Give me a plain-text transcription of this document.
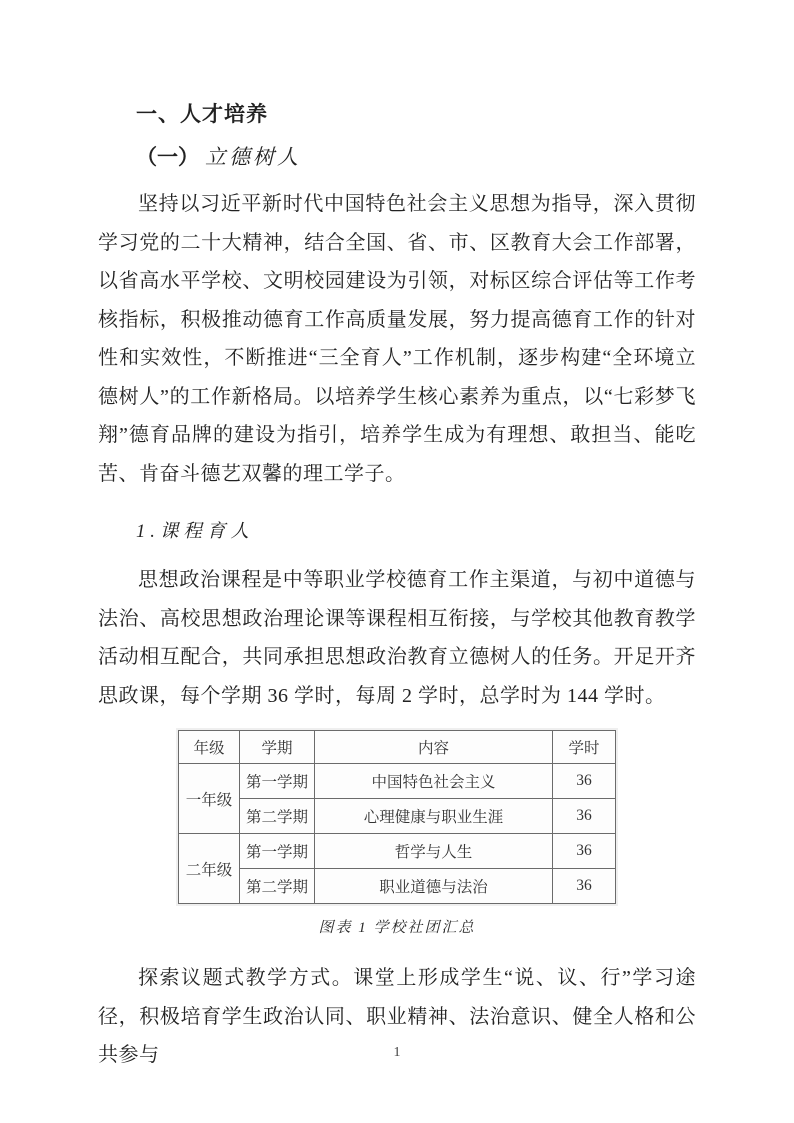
一、人才培养
（一） 立德树人

坚持以习近平新时代中国特色社会主义思想为指导，深入贯彻学习党的二十大精神，结合全国、省、市、区教育大会工作部署，以省高水平学校、文明校园建设为引领，对标区综合评估等工作考核指标，积极推动德育工作高质量发展，努力提高德育工作的针对性和实效性，不断推进“三全育人”工作机制，逐步构建“全环境立德树人”的工作新格局。以培养学生核心素养为重点，以“七彩梦飞翔”德育品牌的建设为指引，培养学生成为有理想、敢担当、能吃苦、肯奋斗德艺双馨的理工学子。

1.课程育人

思想政治课程是中等职业学校德育工作主渠道，与初中道德与法治、高校思想政治理论课等课程相互衔接，与学校其他教育教学活动相互配合，共同承担思想政治教育立德树人的任务。开足开齐思政课，每个学期 36 学时，每周 2 学时，总学时为 144 学时。

年级	学期	内容	学时
一年级	第一学期	中国特色社会主义	36
	第二学期	心理健康与职业生涯	36
二年级	第一学期	哲学与人生	36
	第二学期	职业道德与法治	36

图表 1 学校社团汇总

探索议题式教学方式。课堂上形成学生“说、议、行”学习途径，积极培育学生政治认同、职业精神、法治意识、健全人格和公共参与	1
